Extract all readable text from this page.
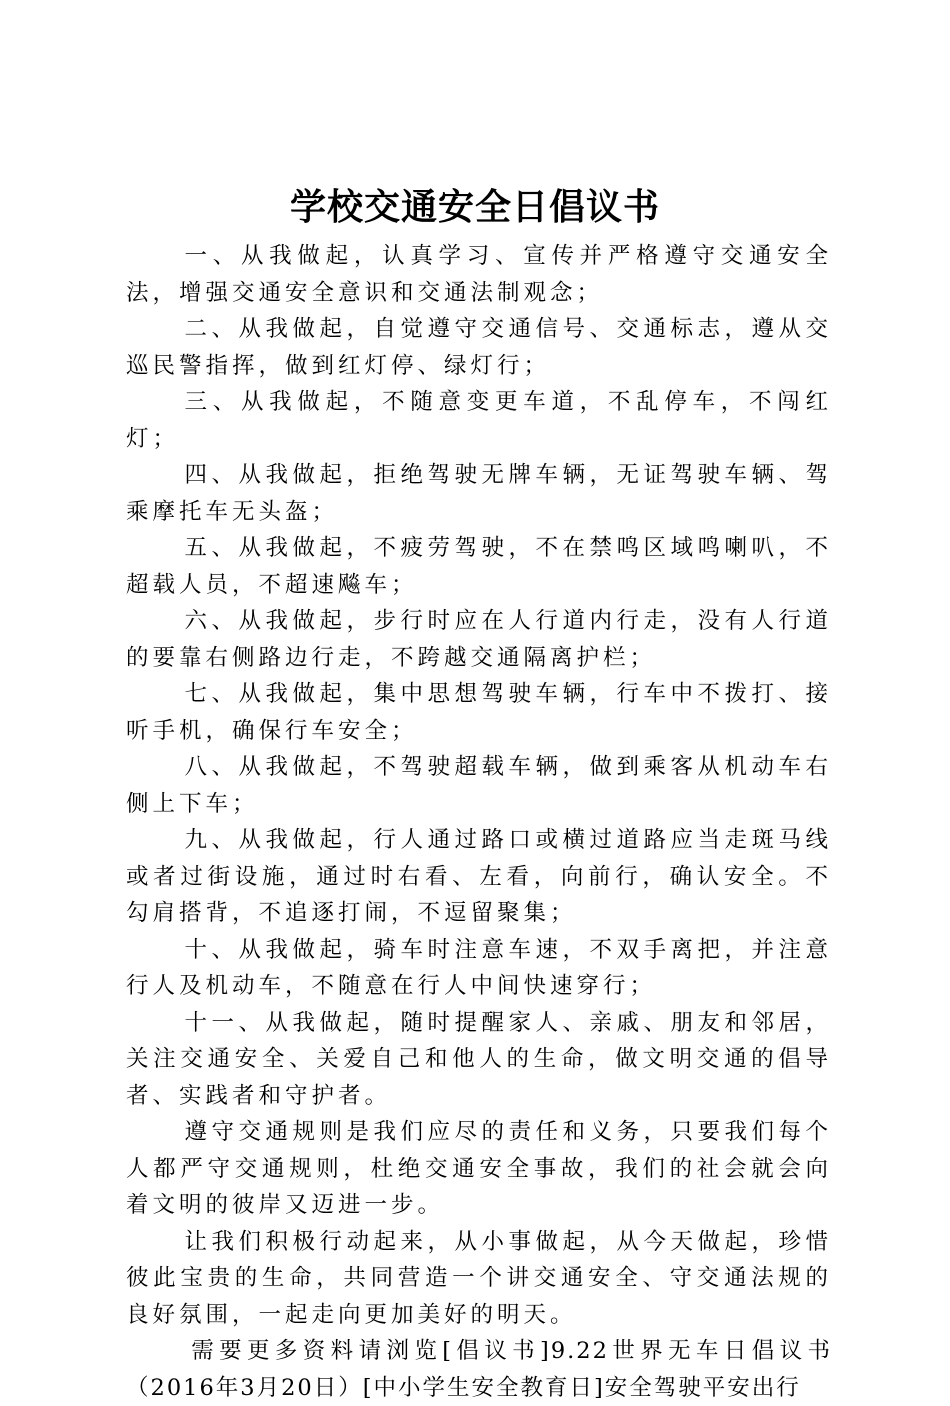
学校交通安全日倡议书

一、从我做起，认真学习、宣传并严格遵守交通安全法，增强交通安全意识和交通法制观念；

二、从我做起，自觉遵守交通信号、交通标志，遵从交巡民警指挥，做到红灯停、绿灯行；

三、从我做起，不随意变更车道，不乱停车，不闯红灯；

四、从我做起，拒绝驾驶无牌车辆，无证驾驶车辆、驾乘摩托车无头盔；

五、从我做起，不疲劳驾驶，不在禁鸣区域鸣喇叭，不超载人员，不超速飚车；

六、从我做起，步行时应在人行道内行走，没有人行道的要靠右侧路边行走，不跨越交通隔离护栏；

七、从我做起，集中思想驾驶车辆，行车中不拨打、接听手机，确保行车安全；

八、从我做起，不驾驶超载车辆，做到乘客从机动车右侧上下车；

九、从我做起，行人通过路口或横过道路应当走斑马线或者过街设施，通过时右看、左看，向前行，确认安全。不勾肩搭背，不追逐打闹，不逗留聚集；

十、从我做起，骑车时注意车速，不双手离把，并注意行人及机动车，不随意在行人中间快速穿行；

十一、从我做起，随时提醒家人、亲戚、朋友和邻居，关注交通安全、关爱自己和他人的生命，做文明交通的倡导者、实践者和守护者。

遵守交通规则是我们应尽的责任和义务，只要我们每个人都严守交通规则，杜绝交通安全事故，我们的社会就会向着文明的彼岸又迈进一步。

让我们积极行动起来，从小事做起，从今天做起，珍惜彼此宝贵的生命，共同营造一个讲交通安全、守交通法规的良好氛围，一起走向更加美好的明天。

需要更多资料请浏览[倡议书]9.22世界无车日倡议书（2016年3月20日）[中小学生安全教育日]安全驾驶平安出行
